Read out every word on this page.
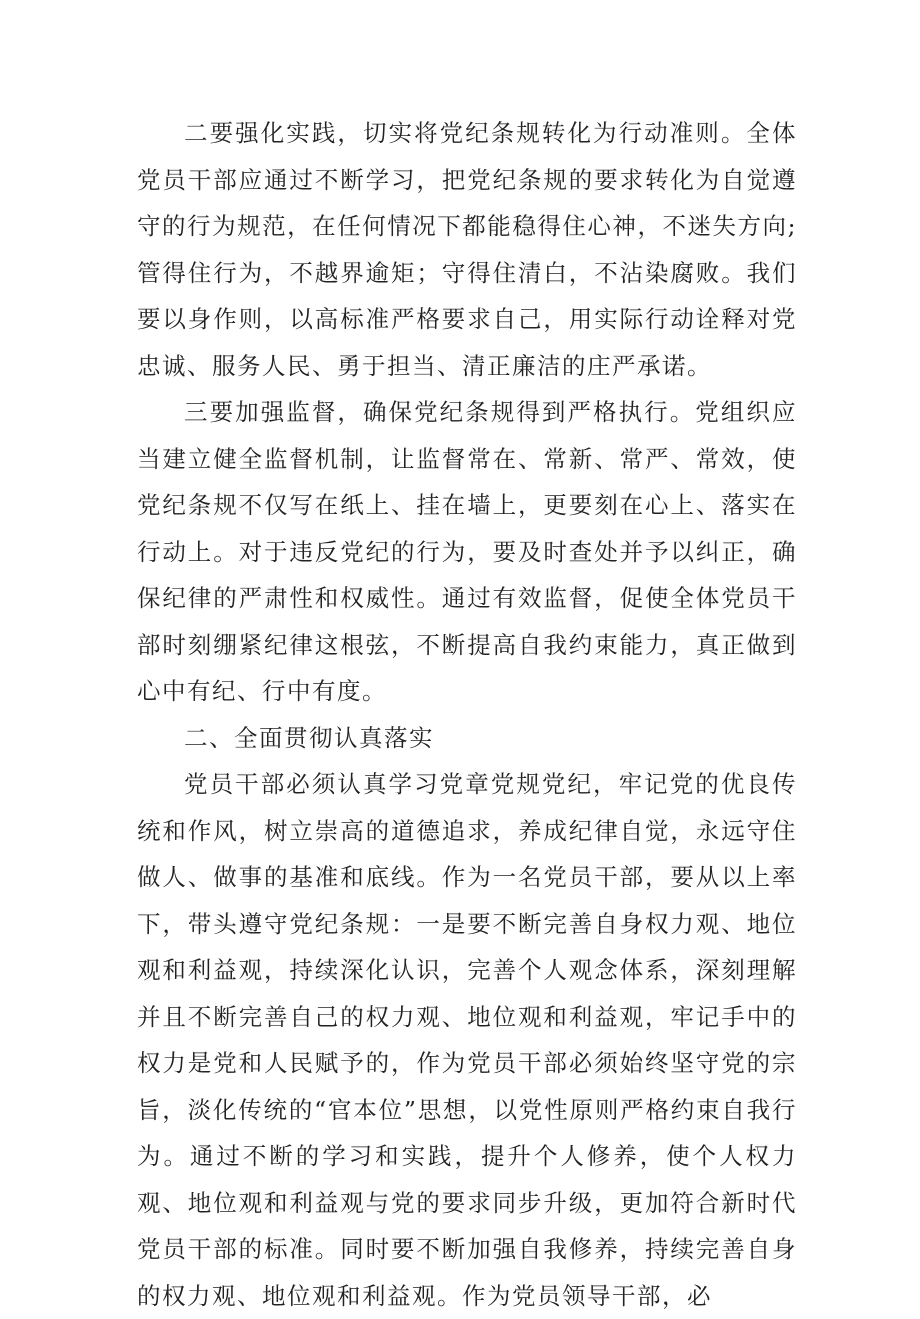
二要强化实践，切实将党纪条规转化为行动准则。全体党员干部应通过不断学习，把党纪条规的要求转化为自觉遵守的行为规范，在任何情况下都能稳得住心神，不迷失方向;管得住行为，不越界逾矩；守得住清白，不沾染腐败。我们要以身作则，以高标准严格要求自己，用实际行动诠释对党忠诚、服务人民、勇于担当、清正廉洁的庄严承诺。

三要加强监督，确保党纪条规得到严格执行。党组织应当建立健全监督机制，让监督常在、常新、常严、常效，使党纪条规不仅写在纸上、挂在墙上，更要刻在心上、落实在行动上。对于违反党纪的行为，要及时查处并予以纠正，确保纪律的严肃性和权威性。通过有效监督，促使全体党员干部时刻绷紧纪律这根弦，不断提高自我约束能力，真正做到心中有纪、行中有度。

二、全面贯彻认真落实

党员干部必须认真学习党章党规党纪，牢记党的优良传统和作风，树立崇高的道德追求，养成纪律自觉，永远守住做人、做事的基准和底线。作为一名党员干部，要从以上率下，带头遵守党纪条规：一是要不断完善自身权力观、地位观和利益观，持续深化认识，完善个人观念体系，深刻理解并且不断完善自己的权力观、地位观和利益观，牢记手中的权力是党和人民赋予的，作为党员干部必须始终坚守党的宗旨，淡化传统的“官本位”思想，以党性原则严格约束自我行为。通过不断的学习和实践，提升个人修养，使个人权力观、地位观和利益观与党的要求同步升级，更加符合新时代党员干部的标准。同时要不断加强自我修养，持续完善自身的权力观、地位观和利益观。作为党员领导干部，必
